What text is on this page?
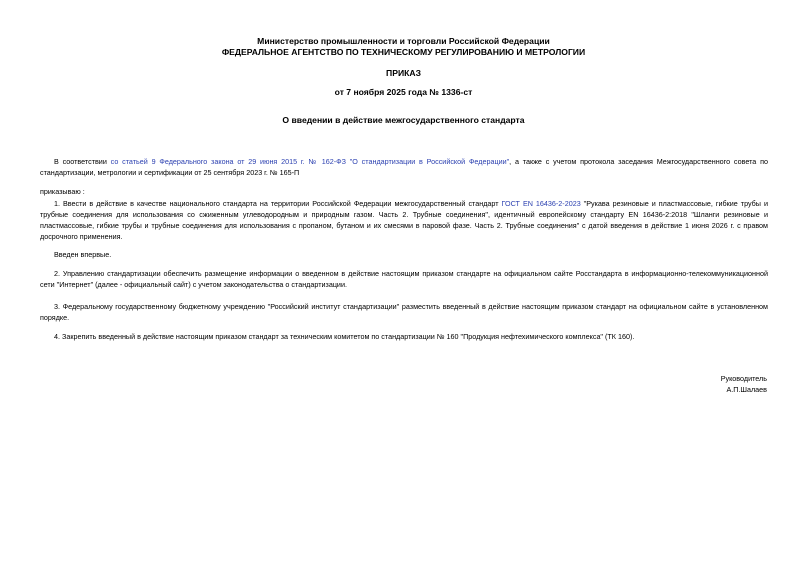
Министерство промышленности и торговли Российской Федерации
ФЕДЕРАЛЬНОЕ АГЕНТСТВО ПО ТЕХНИЧЕСКОМУ РЕГУЛИРОВАНИЮ И МЕТРОЛОГИИ
ПРИКАЗ
от 7 ноября 2025 года № 1336-ст
О введении в действие межгосударственного стандарта
В соответствии со статьей 9 Федерального закона от 29 июня 2015 г. № 162-ФЗ "О стандартизации в Российской Федерации", а также с учетом протокола заседания Межгосударственного совета по стандартизации, метрологии и сертификации от 25 сентября 2023 г. № 165-П
приказываю :
1. Ввести в действие в качестве национального стандарта на территории Российской Федерации межгосударственный стандарт ГОСТ EN 16436-2-2023 "Рукава резиновые и пластмассовые, гибкие трубы и трубные соединения для использования со сжиженным углеводородным и природным газом. Часть 2. Трубные соединения", идентичный европейскому стандарту EN 16436-2:2018 "Шланги резиновые и пластмассовые, гибкие трубы и трубные соединения для использования с пропаном, бутаном и их смесями в паровой фазе. Часть 2. Трубные соединения" с датой введения в действие 1 июня 2026 г. с правом досрочного применения.
Введен впервые.
2. Управлению стандартизации обеспечить размещение информации о введенном в действие настоящим приказом стандарте на официальном сайте Росстандарта в информационно-телекоммуникационной сети "Интернет" (далее - официальный сайт) с учетом законодательства о стандартизации.
3. Федеральному государственному бюджетному учреждению "Российский институт стандартизации" разместить введенный в действие настоящим приказом стандарт на официальном сайте в установленном порядке.
4. Закрепить введенный в действие настоящим приказом стандарт за техническим комитетом по стандартизации № 160 "Продукция нефтехимического комплекса" (ТК 160).
Руководитель
А.П.Шалаев
